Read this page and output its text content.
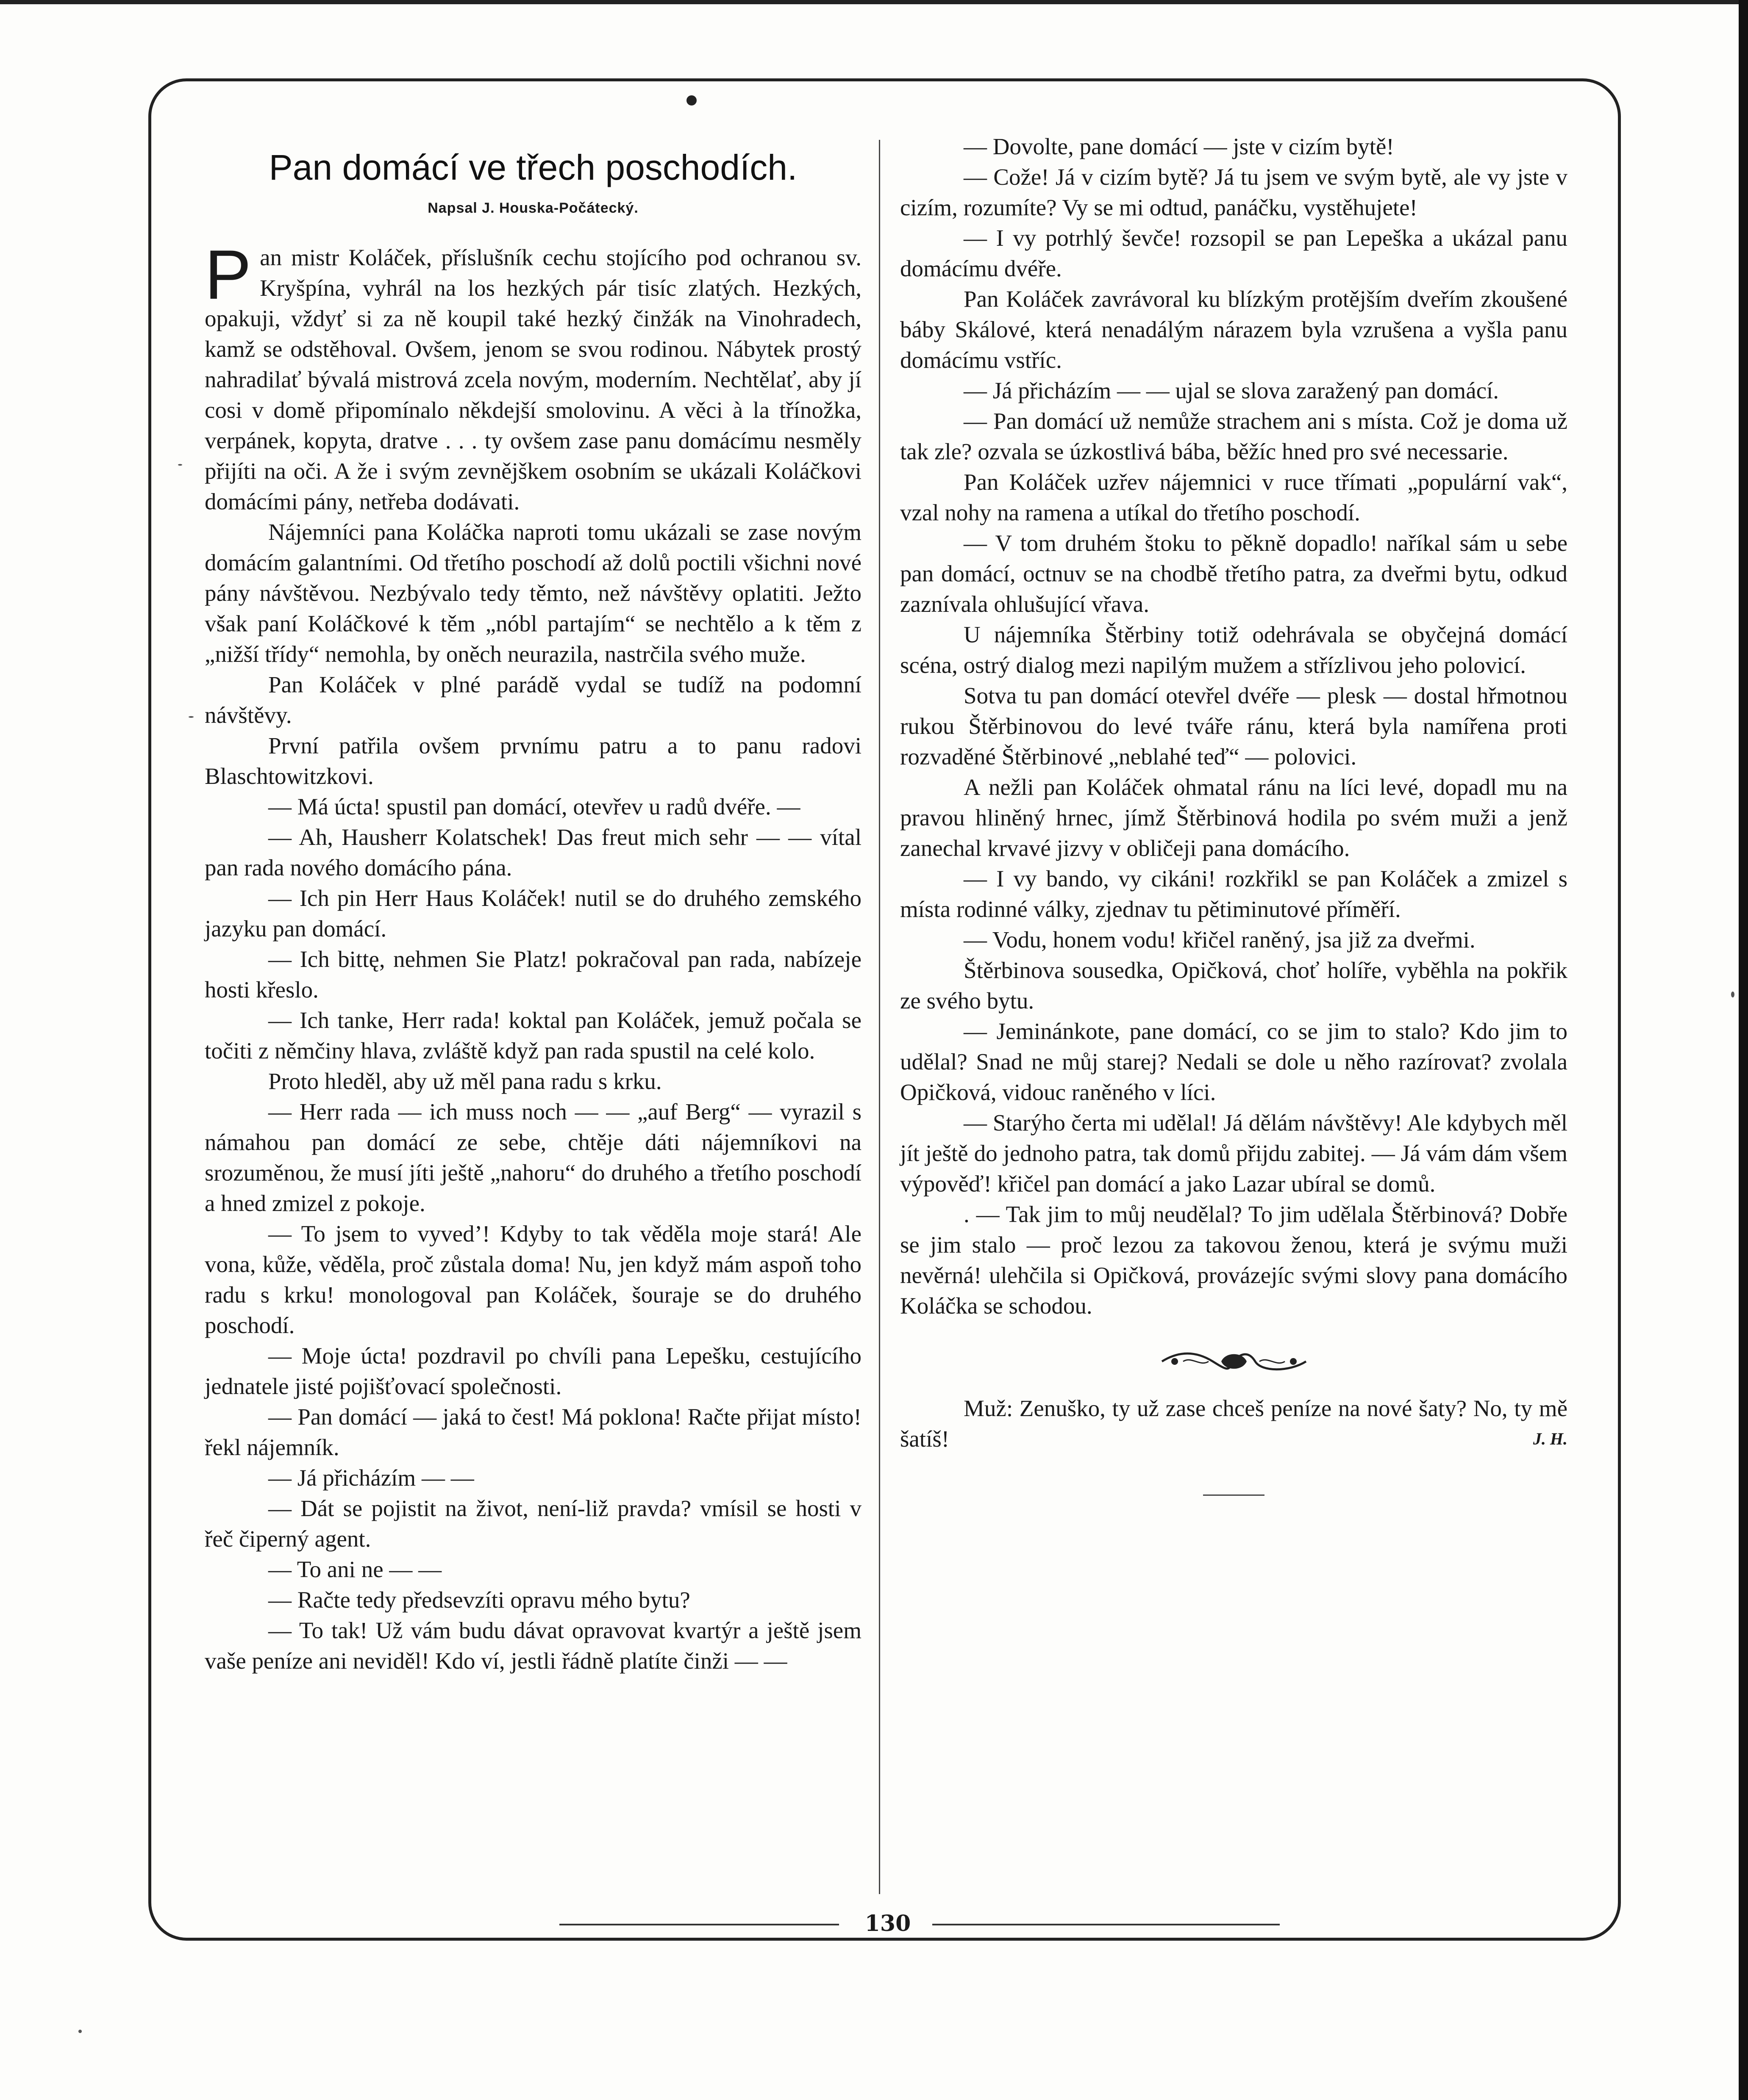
Pan domácí ve třech poschodích.
Napsal J. Houska-Počátecký.

Pan mistr Koláček, příslušník cechu stojícího pod ochranou sv. Kryšpína, vyhrál na los hezkých pár tisíc zlatých. Hezkých, opakuji, vždyť si za ně koupil také hezký činžák na Vinohradech, kamž se odstěhoval. Ovšem, jenom se svou rodinou. Nábytek prostý nahradilať bývalá mistrová zcela novým, moderním. Nechtělať, aby jí cosi v domě připomínalo někdejší smolovinu. A věci à la třínožka, verpánek, kopyta, dratve . . . ty ovšem zase panu domácímu nesměly přijíti na oči. A že i svým zevnějškem osobním se ukázali Koláčkovi domácími pány, netřeba dodávati.

Nájemníci pana Koláčka naproti tomu ukázali se zase novým domácím galantními. Od třetího poschodí až dolů poctili všichni nové pány návštěvou. Nezbývalo tedy těmto, než návštěvy oplatiti. Ježto však paní Koláčkové k těm „nóbl partajím“ se nechtělo a k těm z „nižší třídy“ nemohla, by oněch neurazila, nastrčila svého muže.

Pan Koláček v plné parádě vydal se tudíž na podomní návštěvy.

První patřila ovšem prvnímu patru a to panu radovi Blaschtowitzkovi.

— Má úcta! spustil pan domácí, otevřev u radů dvéře. —

— Ah, Hausherr Kolatschek! Das freut mich sehr — — vítal pan rada nového domácího pána.

— Ich pin Herr Haus Koláček! nutil se do druhého zemského jazyku pan domácí.

— Ich bittę, nehmen Sie Platz! pokračoval pan rada, nabízeje hosti křeslo.

— Ich tanke, Herr rada! koktal pan Koláček, jemuž počala se točiti z němčiny hlava, zvláště když pan rada spustil na celé kolo.

Proto hleděl, aby už měl pana radu s krku.

— Herr rada — ich muss noch — — „auf Berg“ — vyrazil s námahou pan domácí ze sebe, chtěje dáti nájemníkovi na srozuměnou, že musí jíti ještě „nahoru“ do druhého a třetího poschodí a hned zmizel z pokoje.

— To jsem to vyved’! Kdyby to tak věděla moje stará! Ale vona, kůže, věděla, proč zůstala doma! Nu, jen když mám aspoň toho radu s krku! monologoval pan Koláček, šouraje se do druhého poschodí.

— Moje úcta! pozdravil po chvíli pana Lepešku, cestujícího jednatele jisté pojišťovací společnosti.

— Pan domácí — jaká to čest! Má poklona! Račte přijat místo! řekl nájemník.

— Já přicházím — —

— Dát se pojistit na život, není-liž pravda? vmísil se hosti v řeč čiperný agent.

— To ani ne — —

— Račte tedy předsevzíti opravu mého bytu?

— To tak! Už vám budu dávat opravovat kvartýr a ještě jsem vaše peníze ani neviděl! Kdo ví, jestli řádně platíte činži — —

— Dovolte, pane domácí — jste v cizím bytě!

— Cože! Já v cizím bytě? Já tu jsem ve svým bytě, ale vy jste v cizím, rozumíte? Vy se mi odtud, panáčku, vystěhujete!

— I vy potrhlý ševče! rozsopil se pan Lepeška a ukázal panu domácímu dvéře.

Pan Koláček zavrávoral ku blízkým protějším dveřím zkoušené báby Skálové, která nenadálým nárazem byla vzrušena a vyšla panu domácímu vstříc.

— Já přicházím — — ujal se slova zaražený pan domácí.

— Pan domácí už nemůže strachem ani s místa. Což je doma už tak zle? ozvala se úzkostlivá bába, běžíc hned pro své necessarie.

Pan Koláček uzřev nájemnici v ruce třímati „populární vak“, vzal nohy na ramena a utíkal do třetího poschodí.

— V tom druhém štoku to pěkně dopadlo! naříkal sám u sebe pan domácí, octnuv se na chodbě třetího patra, za dveřmi bytu, odkud zaznívala ohlušující vřava.

U nájemníka Štěrbiny totiž odehrávala se obyčejná domácí scéna, ostrý dialog mezi napilým mužem a střízlivou jeho polovicí.

Sotva tu pan domácí otevřel dvéře — plesk — dostal hřmotnou rukou Štěrbinovou do levé tváře ránu, která byla namířena proti rozvaděné Štěrbinové „neblahé teď“ — polovici.

A nežli pan Koláček ohmatal ránu na líci levé, dopadl mu na pravou hliněný hrnec, jímž Štěrbinová hodila po svém muži a jenž zanechal krvavé jizvy v obličeji pana domácího.

— I vy bando, vy cikáni! rozkřikl se pan Koláček a zmizel s místa rodinné války, zjednav tu pětiminutové příměří.

— Vodu, honem vodu! křičel raněný, jsa již za dveřmi.

Štěrbinova sousedka, Opičková, choť holíře, vyběhla na pokřik ze svého bytu.

— Jeminánkote, pane domácí, co se jim to stalo? Kdo jim to udělal? Snad ne můj starej? Nedali se dole u něho razírovat? zvolala Opičková, vidouc raněného v líci.

— Starýho čerta mi udělal! Já dělám návštěvy! Ale kdybych měl jít ještě do jednoho patra, tak domů přijdu zabitej. — Já vám dám všem výpověď! křičel pan domácí a jako Lazar ubíral se domů.

. — Tak jim to můj neudělal? To jim udělala Štěrbinová? Dobře se jim stalo — proč lezou za takovou ženou, která je svýmu muži nevěrná! ulehčila si Opičková, provázejíc svými slovy pana domácího Koláčka se schodou.

Muž: Zenuško, ty už zase chceš peníze na nové šaty? No, ty mě šatíš!	J. H.

130
